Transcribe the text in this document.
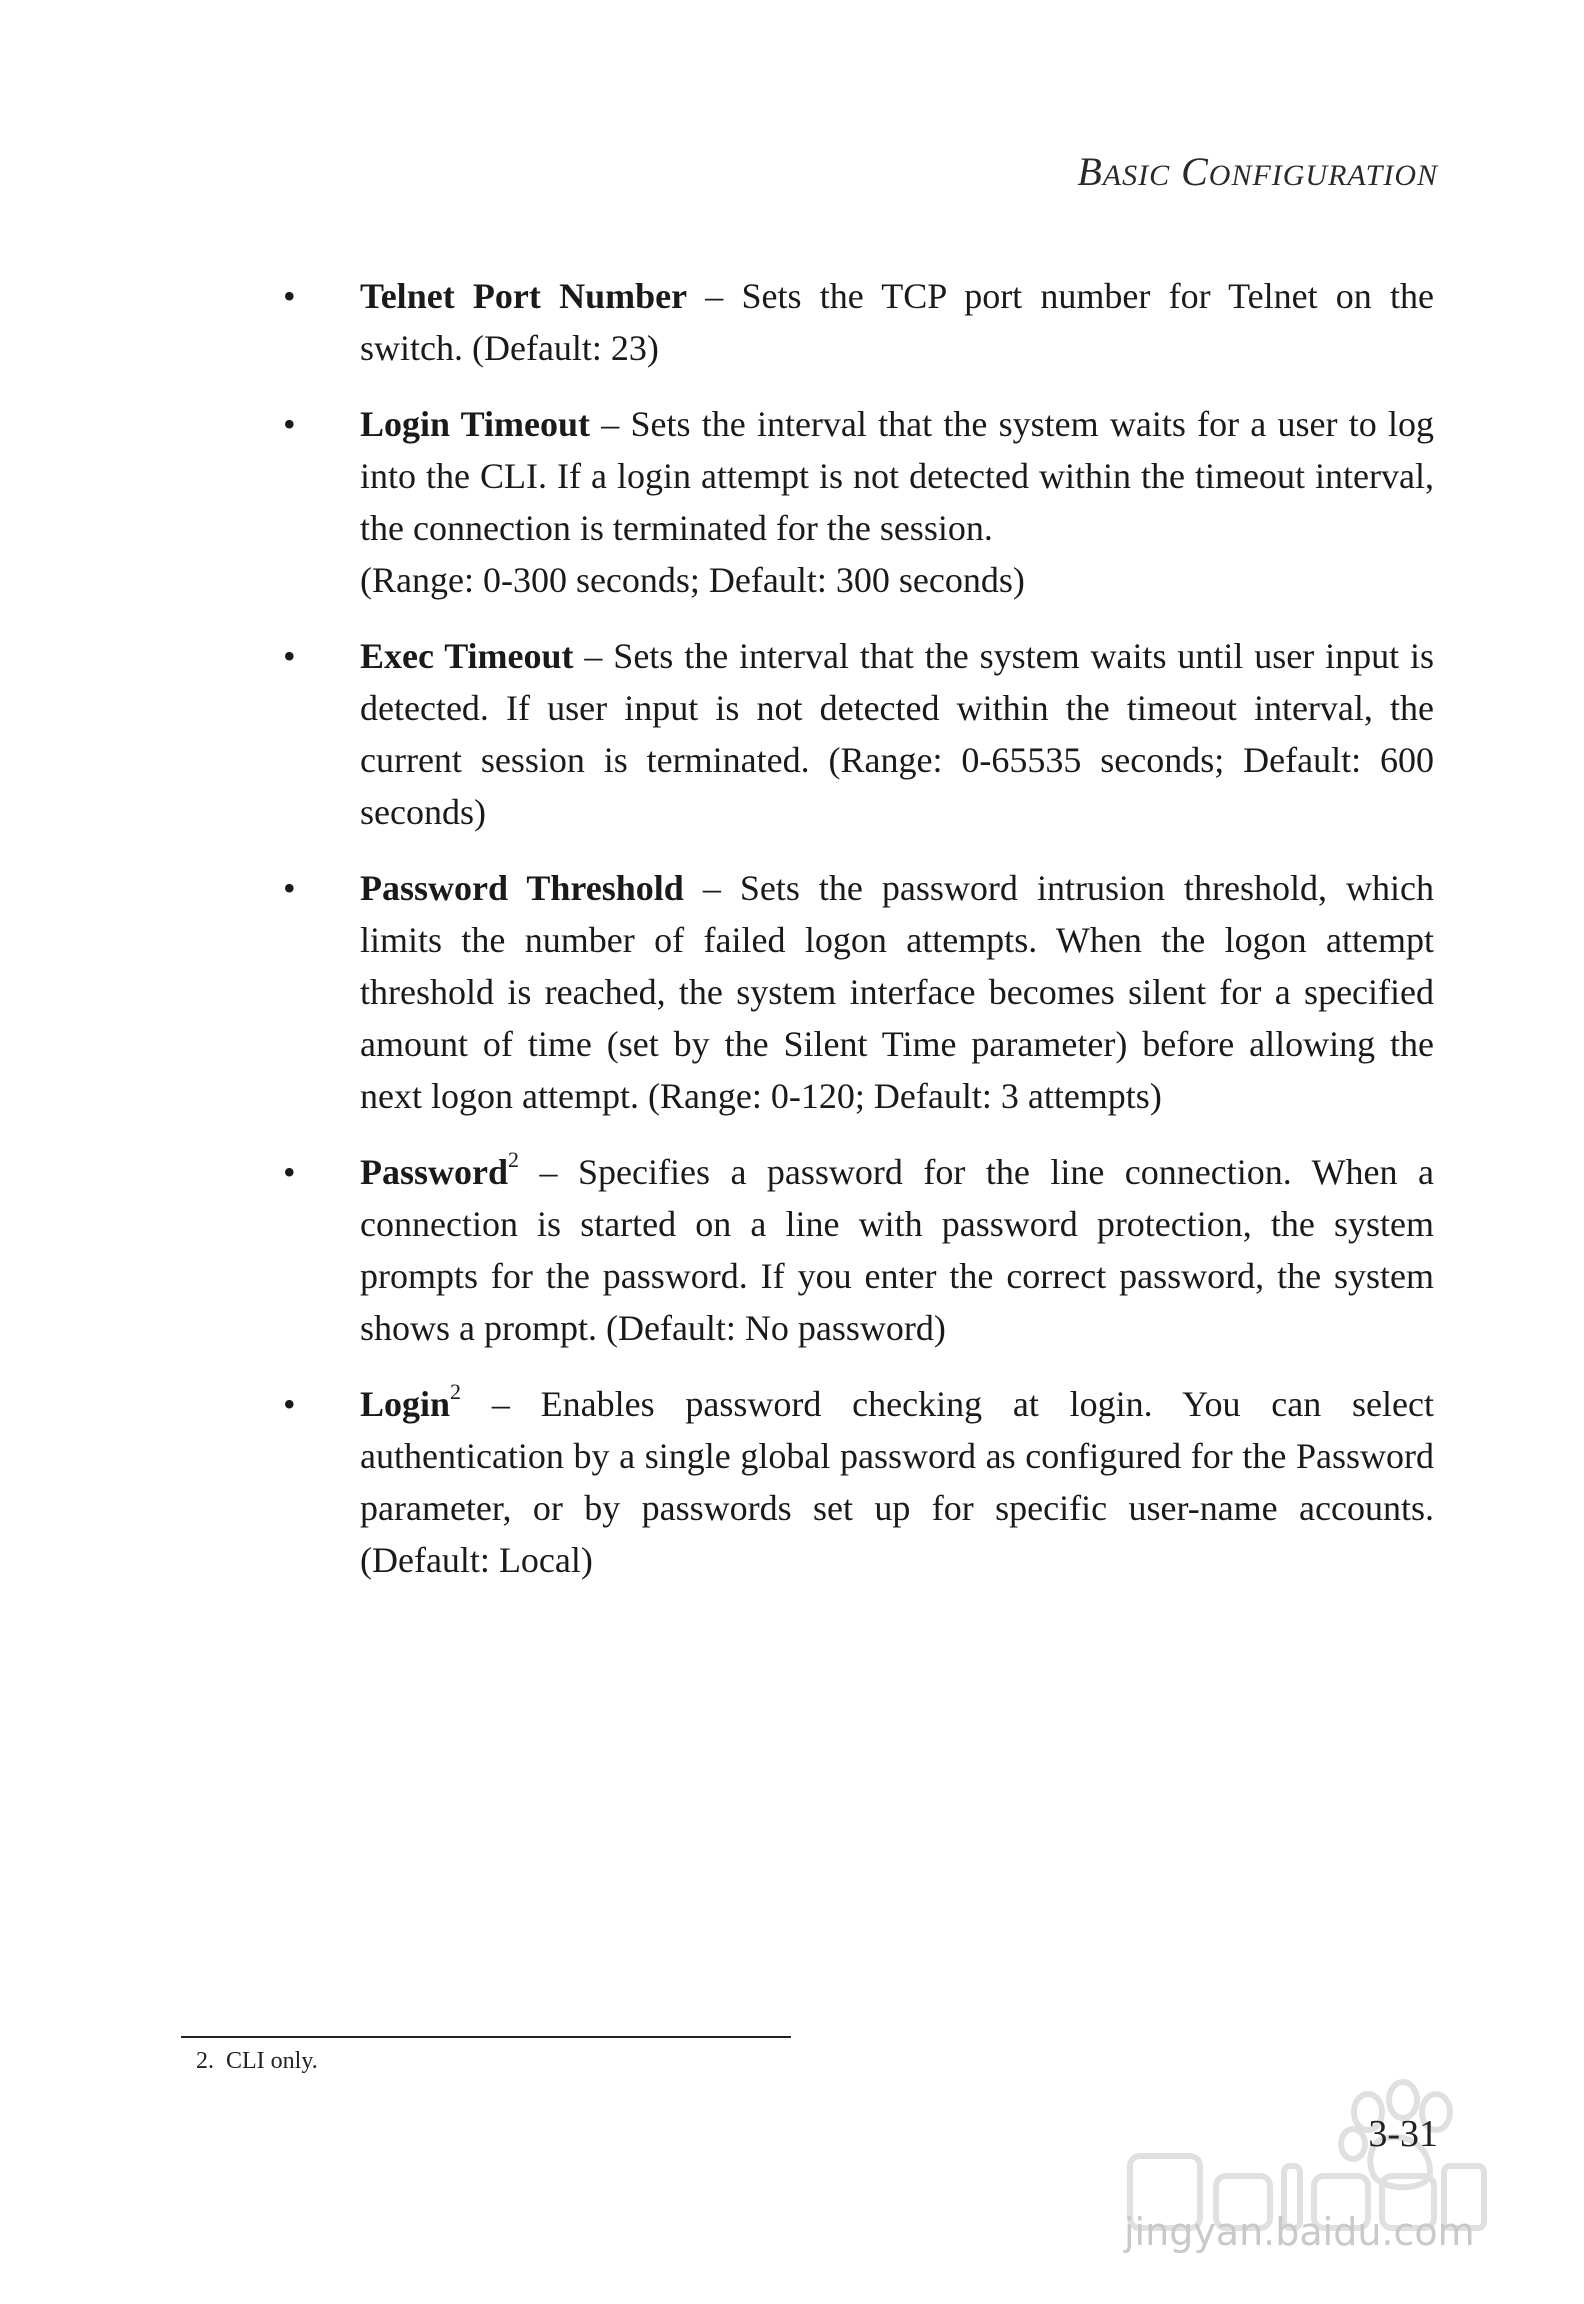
BASIC CONFIGURATION
• Telnet Port Number – Sets the TCP port number for Telnet on the switch. (Default: 23)
• Login Timeout – Sets the interval that the system waits for a user to log into the CLI. If a login attempt is not detected within the timeout interval, the connection is terminated for the session.
(Range: 0-300 seconds; Default: 300 seconds)
• Exec Timeout – Sets the interval that the system waits until user input is detected. If user input is not detected within the timeout interval, the current session is terminated. (Range: 0-65535 seconds; Default: 600 seconds)
• Password Threshold – Sets the password intrusion threshold, which limits the number of failed logon attempts. When the logon attempt threshold is reached, the system interface becomes silent for a specified amount of time (set by the Silent Time parameter) before allowing the next logon attempt. (Range: 0-120; Default: 3 attempts)
• Password$^2$ – Specifies a password for the line connection. When a connection is started on a line with password protection, the system prompts for the password. If you enter the correct password, the system shows a prompt. (Default: No password)
• Login$^2$ – Enables password checking at login. You can select authentication by a single global password as configured for the Password parameter, or by passwords set up for specific user-name accounts. (Default: Local)
2. CLI only.
3-31
jingyan.baidu.com
